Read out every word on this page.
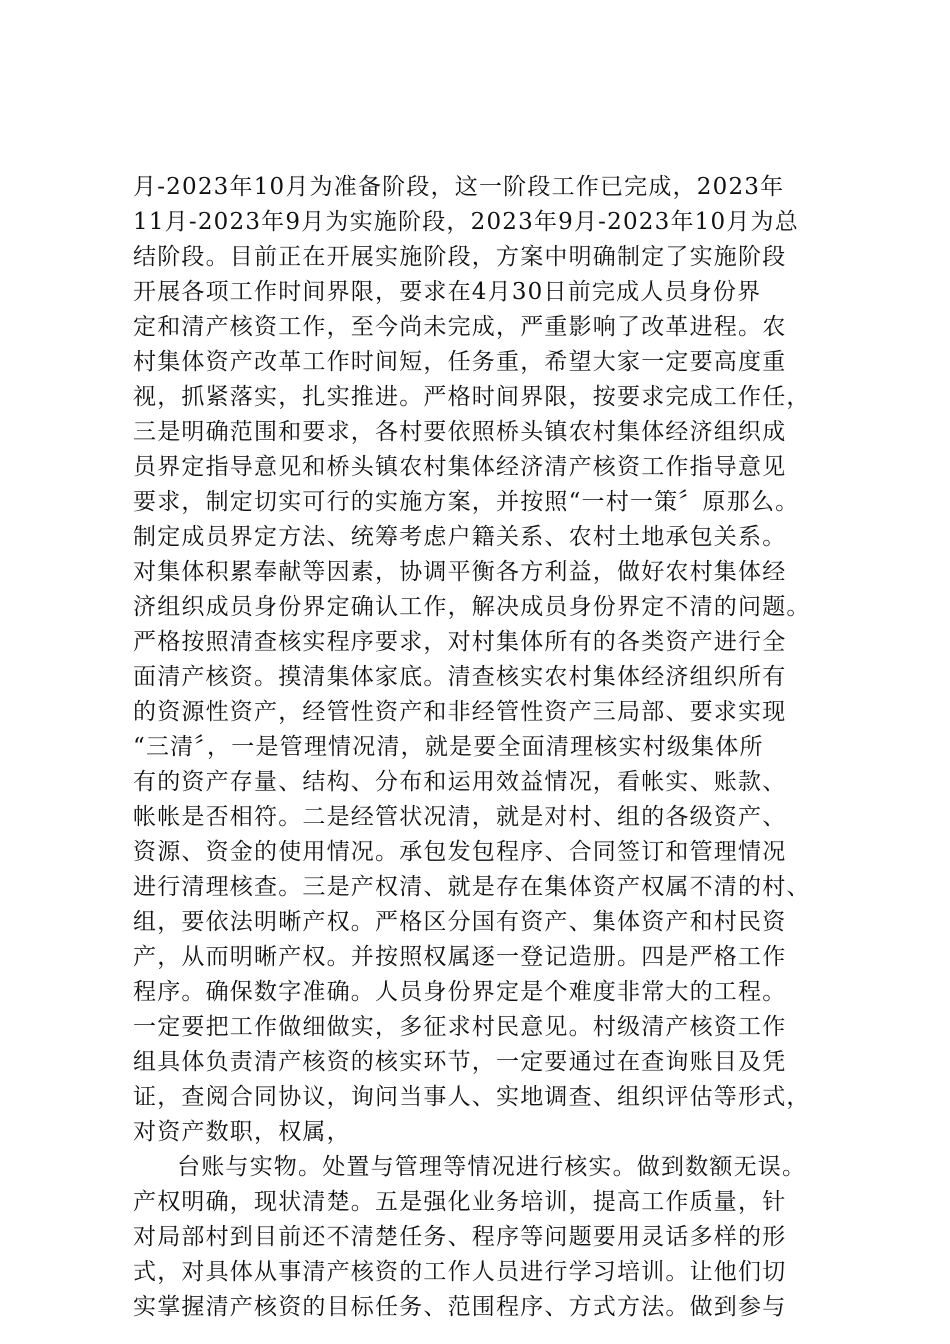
月-2023年10月为准备阶段，这一阶段工作已完成，2023年
11月-2023年9月为实施阶段，2023年9月-2023年10月为总
结阶段。目前正在开展实施阶段，方案中明确制定了实施阶段
开展各项工作时间界限，要求在4月30日前完成人员身份界
定和清产核资工作，至今尚未完成，严重影响了改革进程。农
村集体资产改革工作时间短，任务重，希望大家一定要高度重
视，抓紧落实，扎实推进。严格时间界限，按要求完成工作任，
三是明确范围和要求，各村要依照桥头镇农村集体经济组织成
员界定指导意见和桥头镇农村集体经济清产核资工作指导意见
要求，制定切实可行的实施方案，并按照“一村一策〞原那么。
制定成员界定方法、统筹考虑户籍关系、农村土地承包关系。
对集体积累奉献等因素，协调平衡各方利益，做好农村集体经
济组织成员身份界定确认工作，解决成员身份界定不清的问题。
严格按照清查核实程序要求，对村集体所有的各类资产进行全
面清产核资。摸清集体家底。清查核实农村集体经济组织所有
的资源性资产，经管性资产和非经管性资产三局部、要求实现
“三清〞，一是管理情况清，就是要全面清理核实村级集体所
有的资产存量、结构、分布和运用效益情况，看帐实、账款、
帐帐是否相符。二是经管状况清，就是对村、组的各级资产、
资源、资金的使用情况。承包发包程序、合同签订和管理情况
进行清理核查。三是产权清、就是存在集体资产权属不清的村、
组，要依法明晰产权。严格区分国有资产、集体资产和村民资
产，从而明晰产权。并按照权属逐一登记造册。四是严格工作
程序。确保数字准确。人员身份界定是个难度非常大的工程。
一定要把工作做细做实，多征求村民意见。村级清产核资工作
组具体负责清产核资的核实环节，一定要通过在查询账目及凭
证，查阅合同协议，询问当事人、实地调查、组织评估等形式，
对资产数职，权属，
台账与实物。处置与管理等情况进行核实。做到数额无误。
产权明确，现状清楚。五是强化业务培训，提高工作质量，针
对局部村到目前还不清楚任务、程序等问题要用灵话多样的形
式，对具体从事清产核资的工作人员进行学习培训。让他们切
实掌握清产核资的目标任务、范围程序、方式方法。做到参与
